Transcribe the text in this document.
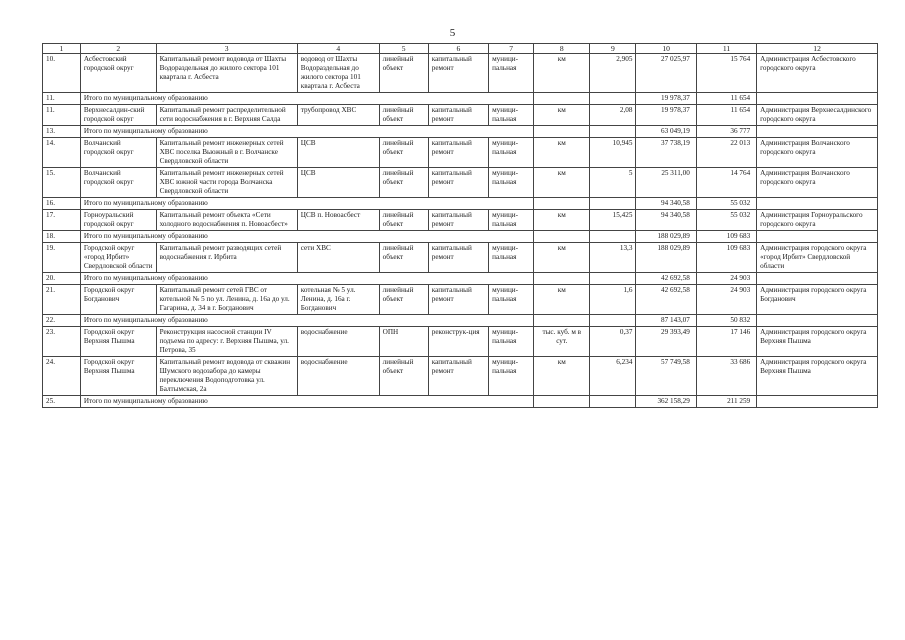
5
1	2	3	4	5	6	7	8	9	10	11	12
10.	Асбестовский городской округ	Капитальный ремонт водовода от Шахты Водораздельная до жилого сектора 101 квартала г. Асбеста	водовод от Шахты Водораздельная до жилого сектора 101 квартала г. Асбеста	линейный объект	капитальный ремонт	муници-пальная	км	2,905	27 025,97	15 764	Администрация Асбестовского городского округа
11.	Итого по муниципальному образованию								19 978,37	11 654	
11.	Верхнесалдин-ский городской округ	Капитальный ремонт распределительной сети водоснабжения в г. Верхняя Салда	трубопровод ХВС	линейный объект	капитальный ремонт	муници-пальная	км	2,08	19 978,37	11 654	Администрация Верхнесалдинского городского округа
13.	Итого по муниципальному образованию								63 049,19	36 777	
14.	Волчанский городской округ	Капитальный ремонт инженерных сетей ХВС поселка Вьюжный в г. Волчанске Свердловской области	ЦСВ	линейный объект	капитальный ремонт	муници-пальная	км	10,945	37 738,19	22 013	Администрация Волчанского городского округа
15.	Волчанский городской округ	Капитальный ремонт инженерных сетей ХВС южной части города Волчанска Свердловской области	ЦСВ	линейный объект	капитальный ремонт	муници-пальная	км	5	25 311,00	14 764	Администрация Волчанского городского округа
16.	Итого по муниципальному образованию								94 340,58	55 032	
17.	Горноуральский городской округ	Капитальный ремонт объекта «Сети холодного водоснабжения п. Новоасбест»	ЦСВ п. Новоасбест	линейный объект	капитальный ремонт	муници-пальная	км	15,425	94 340,58	55 032	Администрация Горноуральского городского округа
18.	Итого по муниципальному образованию								188 029,89	109 683	
19.	Городской округ «город Ирбит» Свердловской области	Капитальный ремонт разводящих сетей водоснабжения г. Ирбита	сети ХВС	линейный объект	капитальный ремонт	муници-пальная	км	13,3	188 029,89	109 683	Администрация городского округа «город Ирбит» Свердловской области
20.	Итого по муниципальному образованию								42 692,58	24 903	
21.	Городской округ Богданович	Капитальный ремонт сетей ГВС от котельной № 5 по ул. Ленина, д. 16а до ул. Гагарина, д. 34 в г. Богданович	котельная № 5 ул. Ленина, д. 16а г. Богданович	линейный объект	капитальный ремонт	муници-пальная	км	1,6	42 692,58	24 903	Администрация городского округа Богданович
22.	Итого по муниципальному образованию								87 143,07	50 832	
23.	Городской округ Верхняя Пышма	Реконструкция насосной станции IV подъема по адресу: г. Верхняя Пышма, ул. Петрова, 35	водоснабжение	ОПН	реконструк-ция	муници-пальная	тыс. куб. м в сут.	0,37	29 393,49	17 146	Администрация городского округа Верхняя Пышма
24.	Городской округ Верхняя Пышма	Капитальный ремонт водовода от скважин Шумского водозабора до камеры переключения Водоподготовка ул. Балтымская, 2а	водоснабжение	линейный объект	капитальный ремонт	муници-пальная	км	6,234	57 749,58	33 686	Администрация городского округа Верхняя Пышма
25.	Итого по муниципальному образованию								362 158,29	211 259	
